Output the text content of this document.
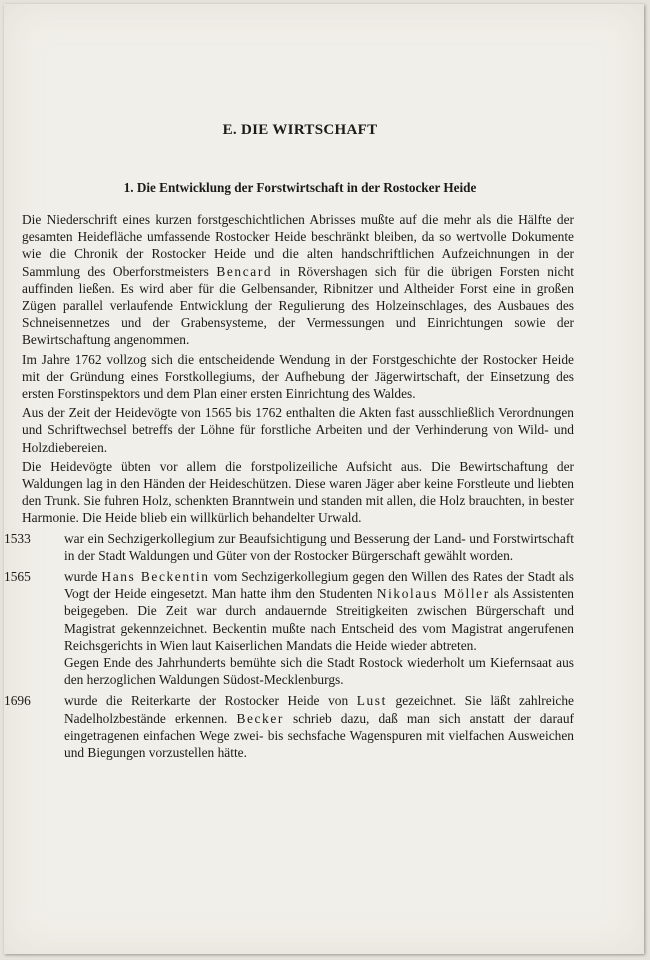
E. DIE WIRTSCHAFT
1. Die Entwicklung der Forstwirtschaft in der Rostocker Heide

Die Niederschrift eines kurzen forstgeschichtlichen Abrisses mußte auf die mehr als die Hälfte der gesamten Heidefläche umfassende Rostocker Heide beschränkt bleiben, da so wertvolle Dokumente wie die Chronik der Rostocker Heide und die alten handschriftlichen Aufzeichnungen in der Sammlung des Oberforstmeisters Bencard in Rövershagen sich für die übrigen Forsten nicht auffinden ließen. Es wird aber für die Gelbensander, Ribnitzer und Altheider Forst eine in großen Zügen parallel verlaufende Entwicklung der Regulierung des Holzeinschlages, des Ausbaues des Schneisennetzes und der Grabensysteme, der Vermessungen und Einrichtungen sowie der Bewirtschaftung angenommen.

Im Jahre 1762 vollzog sich die entscheidende Wendung in der Forstgeschichte der Rostocker Heide mit der Gründung eines Forstkollegiums, der Aufhebung der Jägerwirtschaft, der Einsetzung des ersten Forstinspektors und dem Plan einer ersten Einrichtung des Waldes.

Aus der Zeit der Heidevögte von 1565 bis 1762 enthalten die Akten fast ausschließlich Verordnungen und Schriftwechsel betreffs der Löhne für forstliche Arbeiten und der Verhinderung von Wild- und Holzdiebereien.

Die Heidevögte übten vor allem die forstpolizeiliche Aufsicht aus. Die Bewirtschaftung der Waldungen lag in den Händen der Heideschützen. Diese waren Jäger aber keine Forstleute und liebten den Trunk. Sie fuhren Holz, schenkten Branntwein und standen mit allen, die Holz brauchten, in bester Harmonie. Die Heide blieb ein willkürlich behandelter Urwald.

1533 war ein Sechzigerkollegium zur Beaufsichtigung und Besserung der Land- und Forstwirtschaft in der Stadt Waldungen und Güter von der Rostocker Bürgerschaft gewählt worden.

1565 wurde Hans Beckentin vom Sechzigerkollegium gegen den Willen des Rates der Stadt als Vogt der Heide eingesetzt. Man hatte ihm den Studenten Nikolaus Möller als Assistenten beigegeben. Die Zeit war durch andauernde Streitigkeiten zwischen Bürgerschaft und Magistrat gekennzeichnet. Beckentin mußte nach Entscheid des vom Magistrat angerufenen Reichsgerichts in Wien laut Kaiserlichen Mandats die Heide wieder abtreten.

Gegen Ende des Jahrhunderts bemühte sich die Stadt Rostock wiederholt um Kiefernsaat aus den herzoglichen Waldungen Südost-Mecklenburgs.

1696 wurde die Reiterkarte der Rostocker Heide von Lust gezeichnet. Sie läßt zahlreiche Nadelholzbestände erkennen. Becker schrieb dazu, daß man sich anstatt der darauf eingetragenen einfachen Wege zwei- bis sechsfache Wagenspuren mit vielfachen Ausweichen und Biegungen vorzustellen hätte.
